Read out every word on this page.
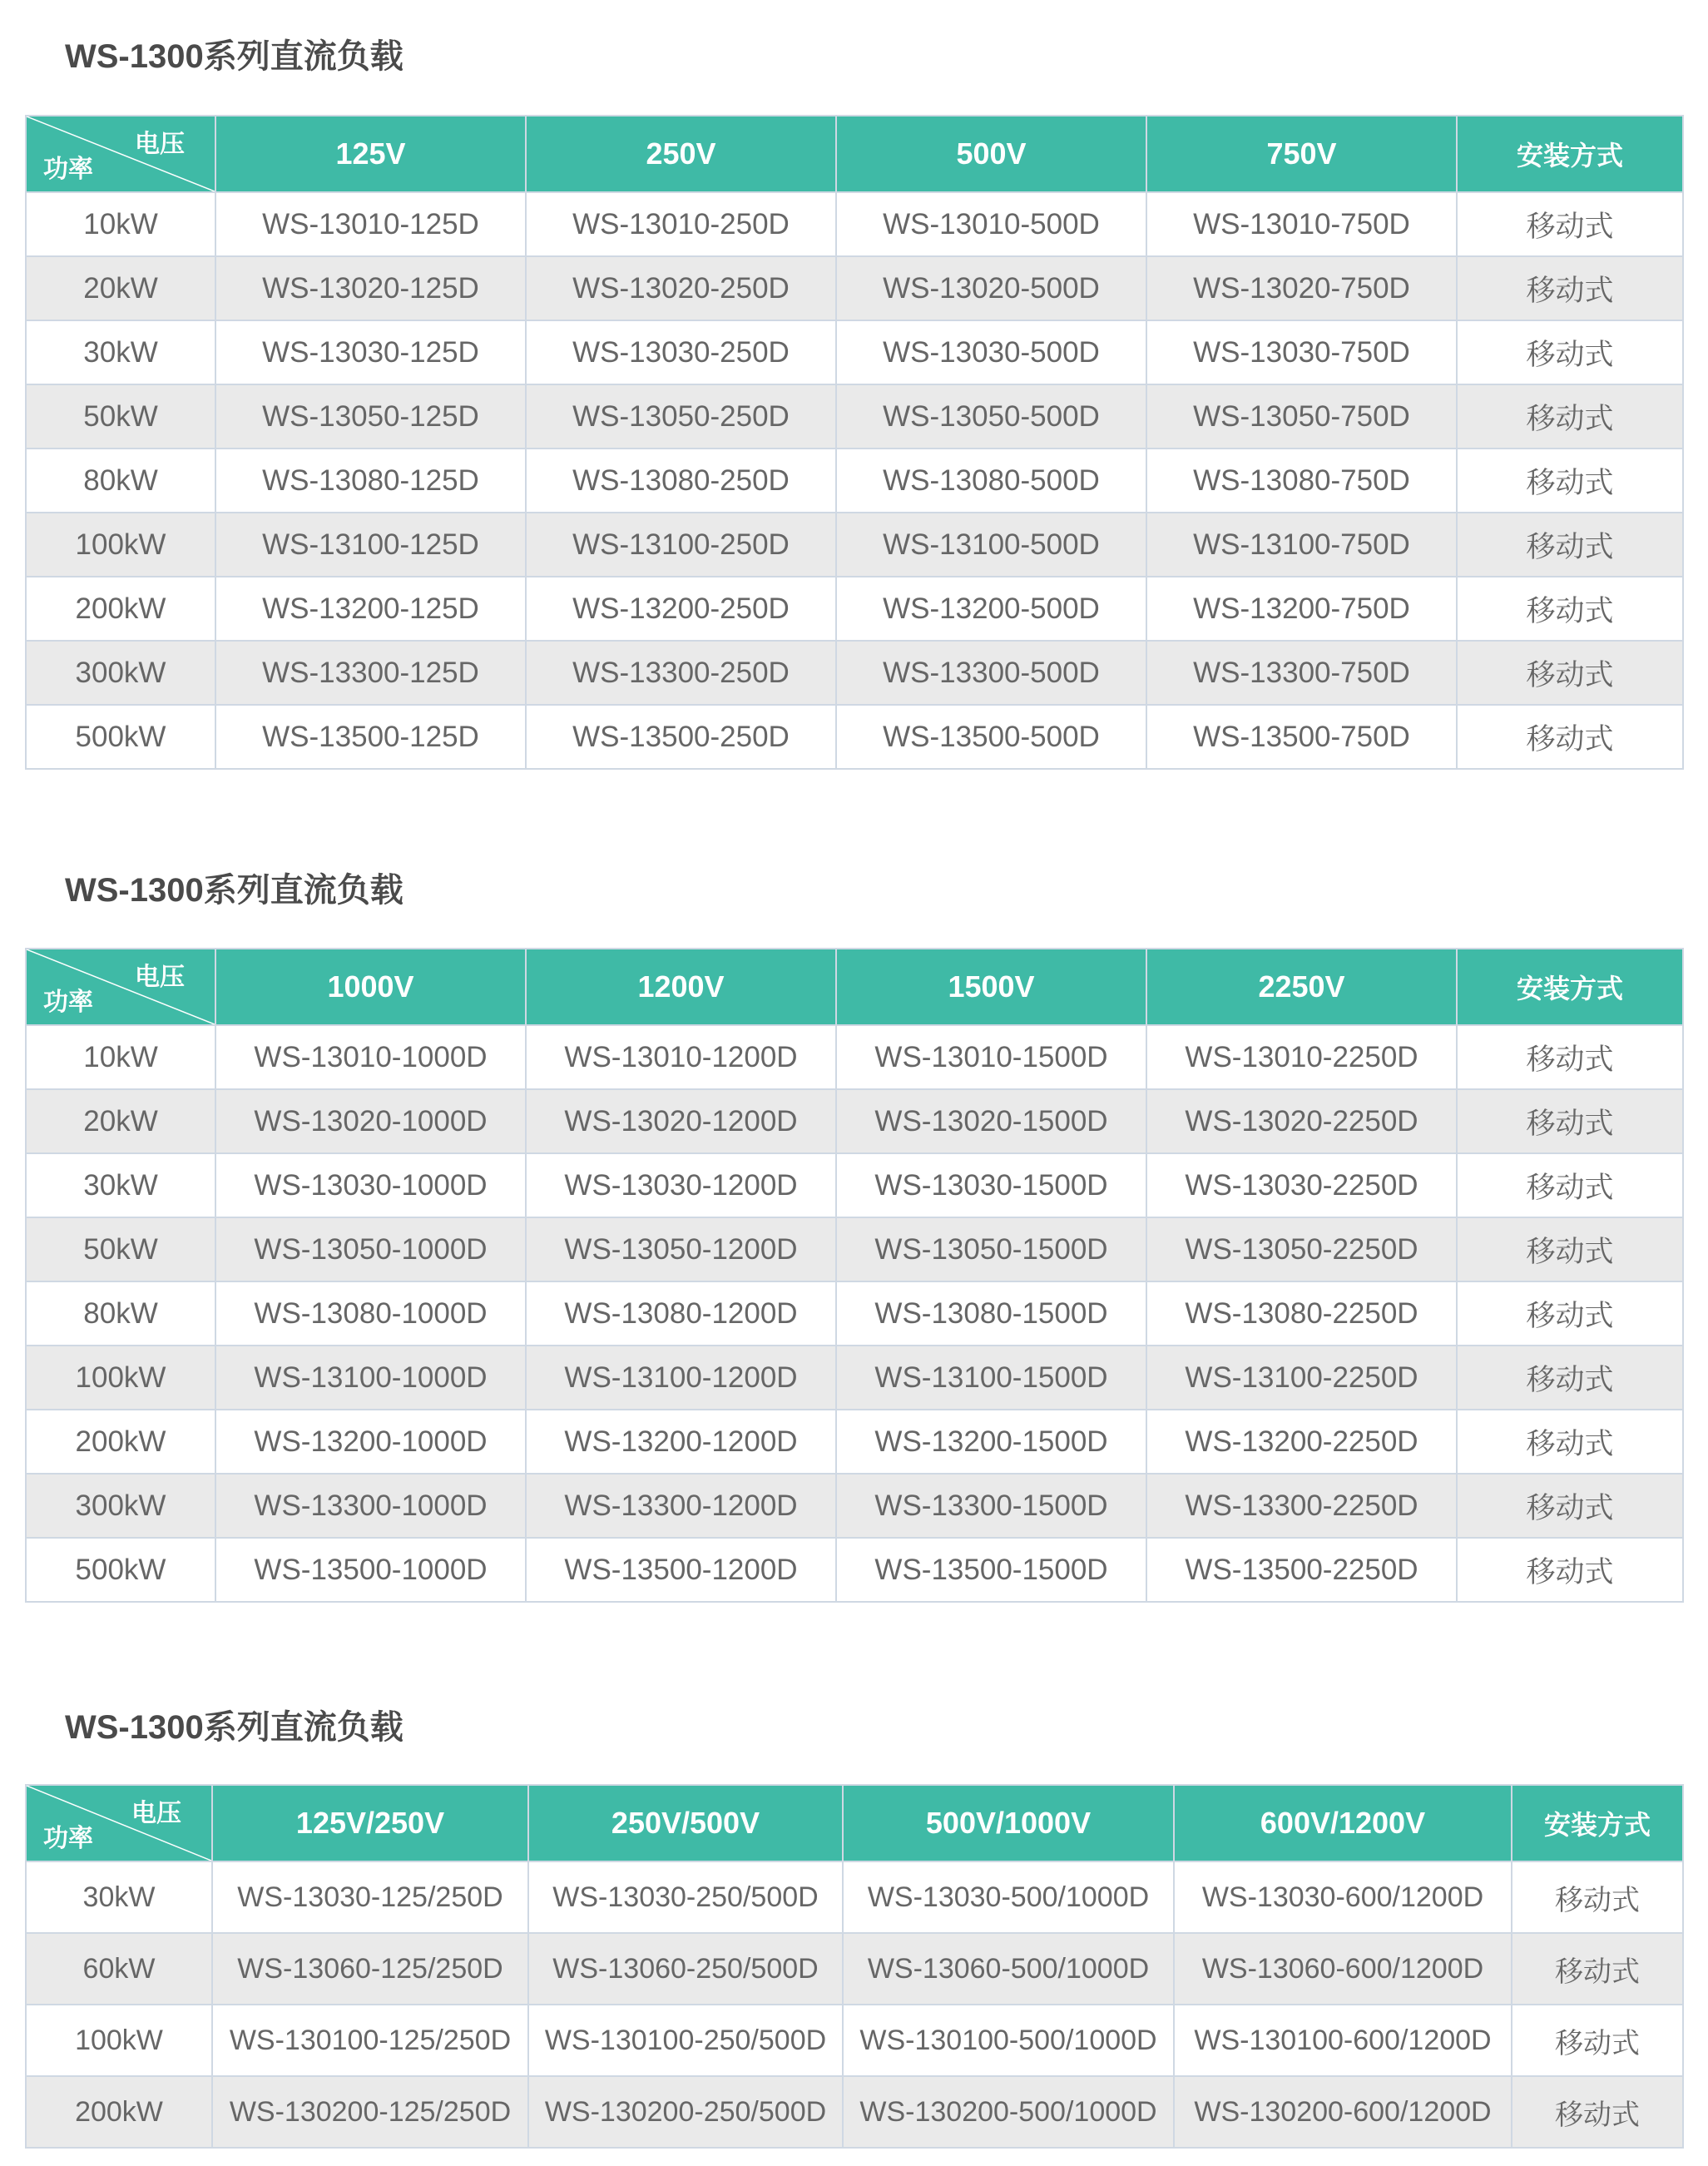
WS-1300系列直流负载
电压
功率	125V	250V	500V	750V	安装方式
10kW	WS-13010-125D	WS-13010-250D	WS-13010-500D	WS-13010-750D	移动式
20kW	WS-13020-125D	WS-13020-250D	WS-13020-500D	WS-13020-750D	移动式
30kW	WS-13030-125D	WS-13030-250D	WS-13030-500D	WS-13030-750D	移动式
50kW	WS-13050-125D	WS-13050-250D	WS-13050-500D	WS-13050-750D	移动式
80kW	WS-13080-125D	WS-13080-250D	WS-13080-500D	WS-13080-750D	移动式
100kW	WS-13100-125D	WS-13100-250D	WS-13100-500D	WS-13100-750D	移动式
200kW	WS-13200-125D	WS-13200-250D	WS-13200-500D	WS-13200-750D	移动式
300kW	WS-13300-125D	WS-13300-250D	WS-13300-500D	WS-13300-750D	移动式
500kW	WS-13500-125D	WS-13500-250D	WS-13500-500D	WS-13500-750D	移动式
WS-1300系列直流负载
电压
功率	1000V	1200V	1500V	2250V	安装方式
10kW	WS-13010-1000D	WS-13010-1200D	WS-13010-1500D	WS-13010-2250D	移动式
20kW	WS-13020-1000D	WS-13020-1200D	WS-13020-1500D	WS-13020-2250D	移动式
30kW	WS-13030-1000D	WS-13030-1200D	WS-13030-1500D	WS-13030-2250D	移动式
50kW	WS-13050-1000D	WS-13050-1200D	WS-13050-1500D	WS-13050-2250D	移动式
80kW	WS-13080-1000D	WS-13080-1200D	WS-13080-1500D	WS-13080-2250D	移动式
100kW	WS-13100-1000D	WS-13100-1200D	WS-13100-1500D	WS-13100-2250D	移动式
200kW	WS-13200-1000D	WS-13200-1200D	WS-13200-1500D	WS-13200-2250D	移动式
300kW	WS-13300-1000D	WS-13300-1200D	WS-13300-1500D	WS-13300-2250D	移动式
500kW	WS-13500-1000D	WS-13500-1200D	WS-13500-1500D	WS-13500-2250D	移动式
WS-1300系列直流负载
电压
功率	125V/250V	250V/500V	500V/1000V	600V/1200V	安装方式
30kW	WS-13030-125/250D	WS-13030-250/500D	WS-13030-500/1000D	WS-13030-600/1200D	移动式
60kW	WS-13060-125/250D	WS-13060-250/500D	WS-13060-500/1000D	WS-13060-600/1200D	移动式
100kW	WS-130100-125/250D	WS-130100-250/500D	WS-130100-500/1000D	WS-130100-600/1200D	移动式
200kW	WS-130200-125/250D	WS-130200-250/500D	WS-130200-500/1000D	WS-130200-600/1200D	移动式
